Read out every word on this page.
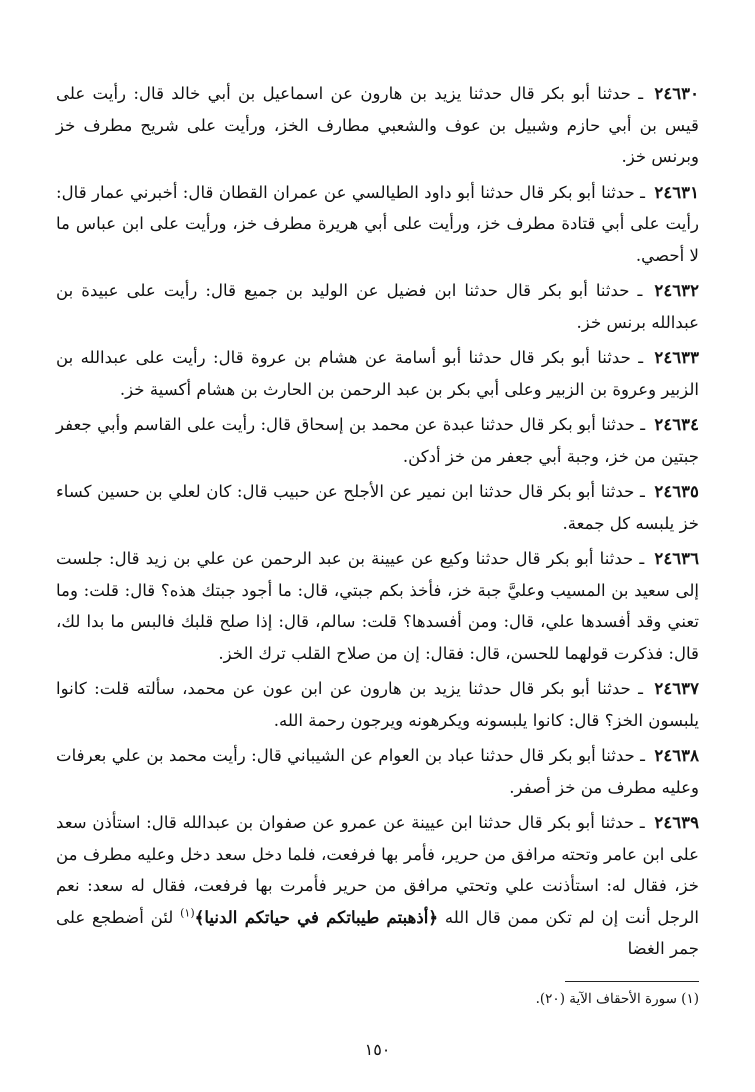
٢٤٦٣٠ ـ حدثنا أبو بكر قال حدثنا يزيد بن هارون عن اسماعيل بن أبي خالد قال: رأيت على قيس بن أبي حازم وشبيل بن عوف والشعبي مطارف الخز، ورأيت على شريح مطرف خز وبرنس خز.

٢٤٦٣١ ـ حدثنا أبو بكر قال حدثنا أبو داود الطيالسي عن عمران القطان قال: أخبرني عمار قال: رأيت على أبي قتادة مطرف خز، ورأيت على أبي هريرة مطرف خز، ورأيت على ابن عباس ما لا أحصي.

٢٤٦٣٢ ـ حدثنا أبو بكر قال حدثنا ابن فضيل عن الوليد بن جميع قال: رأيت على عبيدة بن عبدالله برنس خز.

٢٤٦٣٣ ـ حدثنا أبو بكر قال حدثنا أبو أسامة عن هشام بن عروة قال: رأيت على عبدالله بن الزبير وعروة بن الزبير وعلى أبي بكر بن عبد الرحمن بن الحارث بن هشام أكسية خز.

٢٤٦٣٤ ـ حدثنا أبو بكر قال حدثنا عبدة عن محمد بن إسحاق قال: رأيت على القاسم وأبي جعفر جبتين من خز، وجبة أبي جعفر من خز أدكن.

٢٤٦٣٥ ـ حدثنا أبو بكر قال حدثنا ابن نمير عن الأجلح عن حبيب قال: كان لعلي بن حسين كساء خز يلبسه كل جمعة.

٢٤٦٣٦ ـ حدثنا أبو بكر قال حدثنا وكيع عن عيينة بن عبد الرحمن عن علي بن زيد قال: جلست إلى سعيد بن المسيب وعليَّ جبة خز، فأخذ بكم جبتي، قال: ما أجود جبتك هذه؟ قال: قلت: وما تعني وقد أفسدها علي، قال: ومن أفسدها؟ قلت: سالم، قال: إذا صلح قلبك فالبس ما بدا لك، قال: فذكرت قولهما للحسن، قال: فقال: إن من صلاح القلب ترك الخز.

٢٤٦٣٧ ـ حدثنا أبو بكر قال حدثنا يزيد بن هارون عن ابن عون عن محمد، سألته قلت: كانوا يلبسون الخز؟ قال: كانوا يلبسونه ويكرهونه ويرجون رحمة الله.

٢٤٦٣٨ ـ حدثنا أبو بكر قال حدثنا عباد بن العوام عن الشيباني قال: رأيت محمد بن علي بعرفات وعليه مطرف من خز أصفر.

٢٤٦٣٩ ـ حدثنا أبو بكر قال حدثنا ابن عيينة عن عمرو عن صفوان بن عبدالله قال: استأذن سعد على ابن عامر وتحته مرافق من حرير، فأمر بها فرفعت، فلما دخل سعد دخل وعليه مطرف من خز، فقال له: استأذنت علي وتحتي مرافق من حرير فأمرت بها فرفعت، فقال له سعد: نعم الرجل أنت إن لم تكن ممن قال الله ﴿أذهبتم طيباتكم في حياتكم الدنيا﴾$^{(١)}$ لئن أضطجع على جمر الغضا

(١) سورة الأحقاف الآية (٢٠).
١٥٠
